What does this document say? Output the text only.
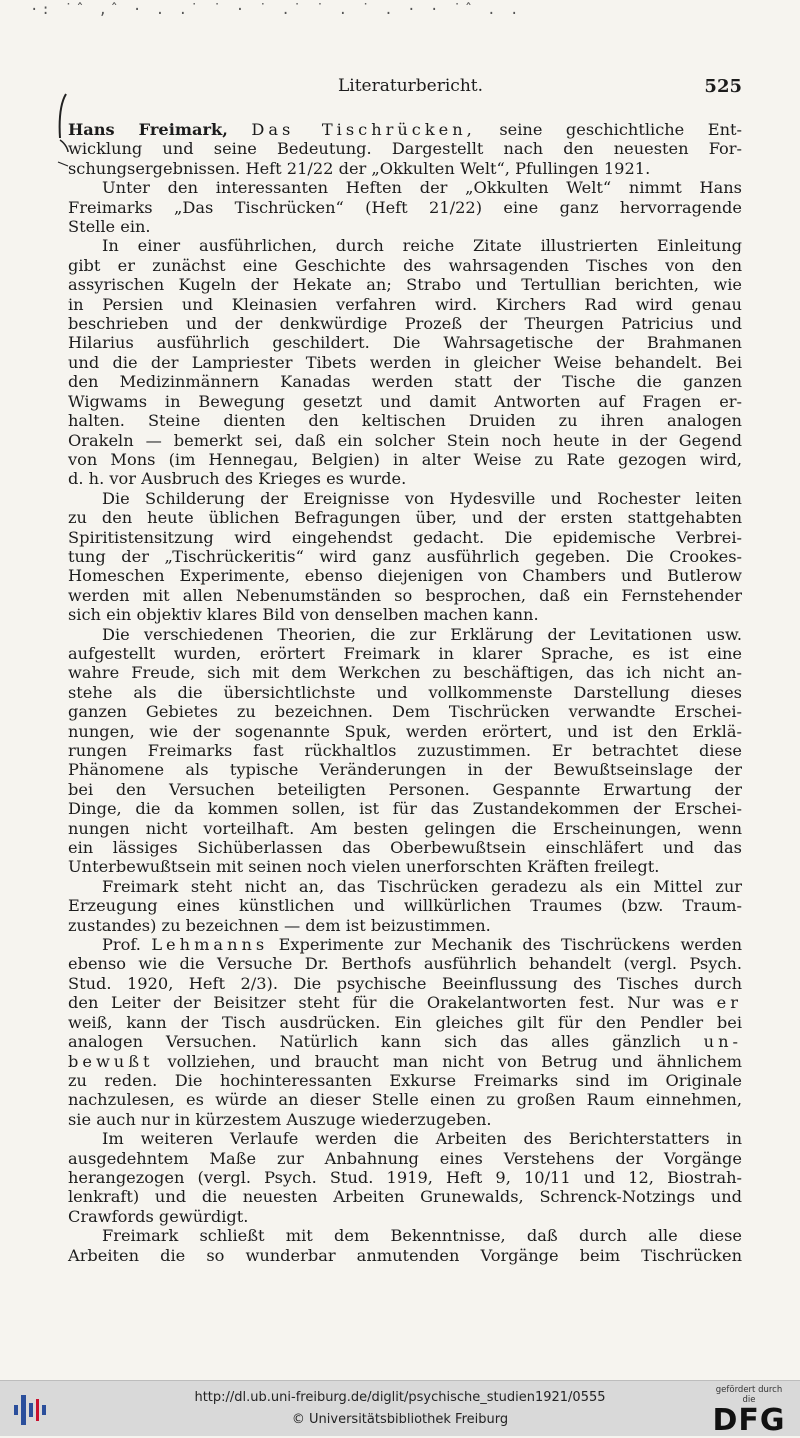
·: ˙ˆ ,ˆ · . .˙ ˙ · ˙ .˙ ˙ . ˙ . · · ˙ˆ . .
Literaturbericht.	525

Hans Freimark, Das Tischrücken, seine geschichtliche Ent-

wicklung und seine Bedeutung. Dargestellt nach den neuesten For-

schungsergebnissen. Heft 21/22 der „Okkulten Welt“, Pfullingen 1921.

Unter den interessanten Heften der „Okkulten Welt“ nimmt Hans

Freimarks „Das Tischrücken“ (Heft 21/22) eine ganz hervorragende

Stelle ein.

In einer ausführlichen, durch reiche Zitate illustrierten Einleitung

gibt er zunächst eine Geschichte des wahrsagenden Tisches von den

assyrischen Kugeln der Hekate an; Strabo und Tertullian berichten, wie

in Persien und Kleinasien verfahren wird. Kirchers Rad wird genau

beschrieben und der denkwürdige Prozeß der Theurgen Patricius und

Hilarius ausführlich geschildert. Die Wahrsagetische der Brahmanen

und die der Lampriester Tibets werden in gleicher Weise behandelt. Bei

den Medizinmännern Kanadas werden statt der Tische die ganzen

Wigwams in Bewegung gesetzt und damit Antworten auf Fragen er-

halten. Steine dienten den keltischen Druiden zu ihren analogen

Orakeln — bemerkt sei, daß ein solcher Stein noch heute in der Gegend

von Mons (im Hennegau, Belgien) in alter Weise zu Rate gezogen wird,

d. h. vor Ausbruch des Krieges es wurde.

Die Schilderung der Ereignisse von Hydesville und Rochester leiten

zu den heute üblichen Befragungen über, und der ersten stattgehabten

Spiritistensitzung wird eingehendst gedacht. Die epidemische Verbrei-

tung der „Tischrückeritis“ wird ganz ausführlich gegeben. Die Crookes-

Homeschen Experimente, ebenso diejenigen von Chambers und Butlerow

werden mit allen Nebenumständen so besprochen, daß ein Fernstehender

sich ein objektiv klares Bild von denselben machen kann.

Die verschiedenen Theorien, die zur Erklärung der Levitationen usw.

aufgestellt wurden, erörtert Freimark in klarer Sprache, es ist eine

wahre Freude, sich mit dem Werkchen zu beschäftigen, das ich nicht an-

stehe als die übersichtlichste und vollkommenste Darstellung dieses

ganzen Gebietes zu bezeichnen. Dem Tischrücken verwandte Erschei-

nungen, wie der sogenannte Spuk, werden erörtert, und ist den Erklä-

rungen Freimarks fast rückhaltlos zuzustimmen. Er betrachtet diese

Phänomene als typische Veränderungen in der Bewußtseinslage der

bei den Versuchen beteiligten Personen. Gespannte Erwartung der

Dinge, die da kommen sollen, ist für das Zustandekommen der Erschei-

nungen nicht vorteilhaft. Am besten gelingen die Erscheinungen, wenn

ein lässiges Sichüberlassen das Oberbewußtsein einschläfert und das

Unterbewußtsein mit seinen noch vielen unerforschten Kräften freilegt.

Freimark steht nicht an, das Tischrücken geradezu als ein Mittel zur

Erzeugung eines künstlichen und willkürlichen Traumes (bzw. Traum-

zustandes) zu bezeichnen — dem ist beizustimmen.

Prof. Lehmanns Experimente zur Mechanik des Tischrückens werden

ebenso wie die Versuche Dr. Berthofs ausführlich behandelt (vergl. Psych.

Stud. 1920, Heft 2/3). Die psychische Beeinflussung des Tisches durch

den Leiter der Beisitzer steht für die Orakelantworten fest. Nur was er

weiß, kann der Tisch ausdrücken. Ein gleiches gilt für den Pendler bei

analogen Versuchen. Natürlich kann sich das alles gänzlich un-

bewußt vollziehen, und braucht man nicht von Betrug und ähnlichem

zu reden. Die hochinteressanten Exkurse Freimarks sind im Originale

nachzulesen, es würde an dieser Stelle einen zu großen Raum einnehmen,

sie auch nur in kürzestem Auszuge wiederzugeben.

Im weiteren Verlaufe werden die Arbeiten des Berichterstatters in

ausgedehntem Maße zur Anbahnung eines Verstehens der Vorgänge

herangezogen (vergl. Psych. Stud. 1919, Heft 9, 10/11 und 12, Biostrah-

lenkraft) und die neuesten Arbeiten Grunewalds, Schrenck-Notzings und

Crawfords gewürdigt.

Freimark schließt mit dem Bekenntnisse, daß durch alle diese

Arbeiten die so wunderbar anmutenden Vorgänge beim Tischrücken

http://dl.ub.uni-freiburg.de/diglit/psychische_studien1921/0555
© Universitätsbibliothek Freiburg
gefördert durch die
DFG
